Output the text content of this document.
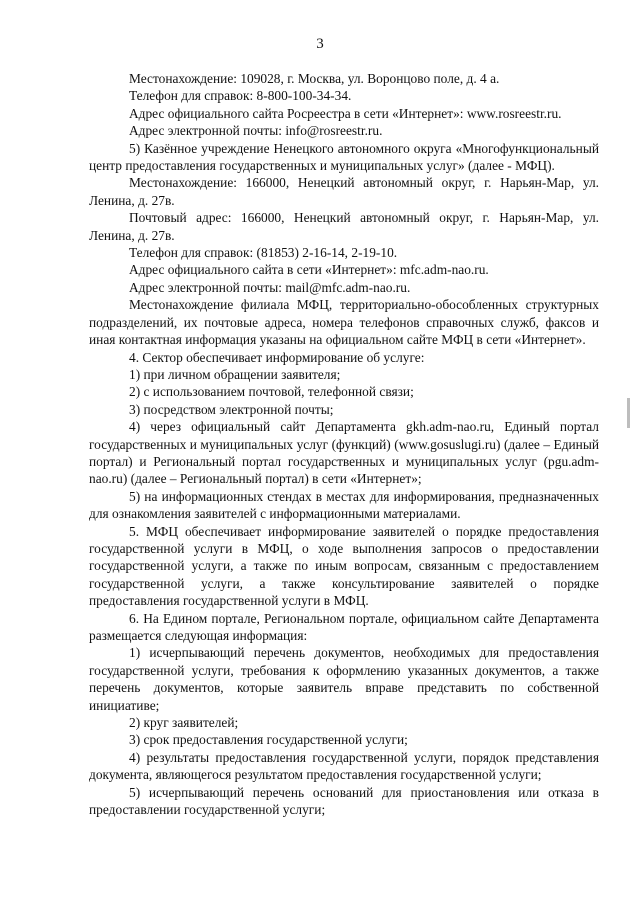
3

Местонахождение: 109028, г. Москва, ул. Воронцово поле, д. 4 а.

Телефон для справок: 8-800-100-34-34.

Адрес официального сайта Росреестра в сети «Интернет»: www.rosreestr.ru.

Адрес электронной почты: info@rosreestr.ru.

5) Казённое учреждение Ненецкого автономного округа «Многофункциональный центр предоставления государственных и муниципальных услуг» (далее - МФЦ).

Местонахождение: 166000, Ненецкий автономный округ, г. Нарьян-Мар, ул. Ленина, д. 27в.

Почтовый адрес: 166000, Ненецкий автономный округ, г. Нарьян-Мар, ул. Ленина, д. 27в.

Телефон для справок: (81853) 2-16-14, 2-19-10.

Адрес официального сайта в сети «Интернет»: mfc.adm-nao.ru.

Адрес электронной почты: mail@mfc.adm-nao.ru.

Местонахождение филиала МФЦ, территориально-обособленных структурных подразделений, их почтовые адреса, номера телефонов справочных служб, факсов и иная контактная информация указаны на официальном сайте МФЦ в сети «Интернет».

4. Сектор обеспечивает информирование об услуге:

1) при личном обращении заявителя;

2) с использованием почтовой, телефонной связи;

3) посредством электронной почты;

4) через официальный сайт Департамента gkh.adm-nao.ru, Единый портал государственных и муниципальных услуг (функций) (www.gosuslugi.ru) (далее – Единый портал) и Региональный портал государственных и муниципальных услуг (pgu.adm-nao.ru) (далее – Региональный портал) в сети «Интернет»;

5) на информационных стендах в местах для информирования, предназначенных для ознакомления заявителей с информационными материалами.

5. МФЦ обеспечивает информирование заявителей о порядке предоставления государственной услуги в МФЦ, о ходе выполнения запросов о предоставлении государственной услуги, а также по иным вопросам, связанным с предоставлением государственной услуги, а также консультирование заявителей о порядке предоставления государственной услуги в МФЦ.

6. На Едином портале, Региональном портале, официальном сайте Департамента размещается следующая информация:

1) исчерпывающий перечень документов, необходимых для предоставления государственной услуги, требования к оформлению указанных документов, а также перечень документов, которые заявитель вправе представить по собственной инициативе;

2) круг заявителей;

3) срок предоставления государственной услуги;

4) результаты предоставления государственной услуги, порядок представления документа, являющегося результатом предоставления государственной услуги;

5) исчерпывающий перечень оснований для приостановления или отказа в предоставлении государственной услуги;
